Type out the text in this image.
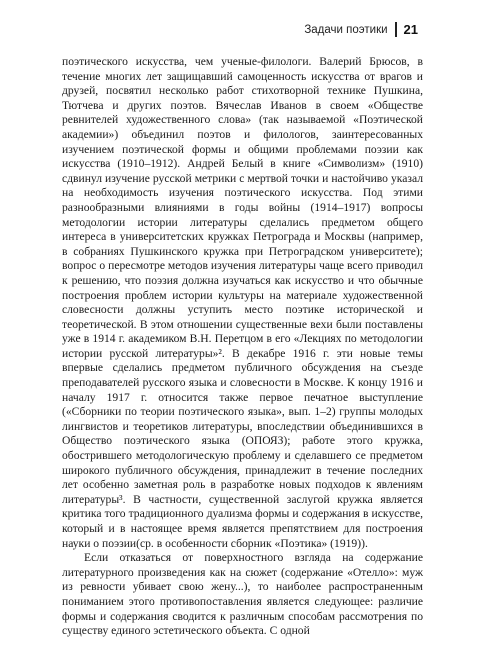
Задачи поэтики 21

поэтического искусства, чем ученые-филологи. Валерий Брюсов, в течение многих лет защищавший самоценность искусства от врагов и друзей, посвятил несколько работ стихотворной технике Пушкина, Тютчева и других поэтов. Вячеслав Иванов в своем «Обществе ревнителей художественного слова» (так называемой «Поэтической академии») объединил поэтов и филологов, заинтересованных изучением поэтической формы и общими проблемами поэзии как искусства (1910–1912). Андрей Белый в книге «Символизм» (1910) сдвинул изучение русской метрики с мертвой точки и настойчиво указал на необходимость изучения поэтического искусства. Под этими разнообразными влияниями в годы войны (1914–1917) вопросы методологии истории литературы сделались предметом общего интереса в университетских кружках Петрограда и Москвы (например, в собраниях Пушкинского кружка при Петроградском университете); вопрос о пересмотре методов изучения литературы чаще всего приводил к решению, что поэзия должна изучаться как искусство и что обычные построения проблем истории культуры на материале художественной словесности должны уступить место поэтике исторической и теоретической. В этом отношении существенные вехи были поставлены уже в 1914 г. академиком В.Н. Перетцом в его «Лекциях по методологии истории русской литературы»². В декабре 1916 г. эти новые темы впервые сделались предметом публичного обсуждения на съезде преподавателей русского языка и словесности в Москве. К концу 1916 и началу 1917 г. относится также первое печатное выступление («Сборники по теории поэтического языка», вып. 1–2) группы молодых лингвистов и теоретиков литературы, впоследствии объединившихся в Общество поэтического языка (ОПОЯЗ); работе этого кружка, обострившего методологическую проблему и сделавшего се предметом широкого публичного обсуждения, принадлежит в течение последних лет особенно заметная роль в разработке новых подходов к явлениям литературы³. В частности, существенной заслугой кружка является критика того традиционного дуализма формы и содержания в искусстве, который и в настоящее время является препятствием для построения науки о поэзии(ср. в особенности сборник «Поэтика» (1919)).

Если отказаться от поверхностного взгляда на содержание литературного произведения как на сюжет (содержание «Отелло»: муж из ревности убивает свою жену...), то наиболее распространенным пониманием этого противопоставления является следующее: различие формы и содержания сводится к различным способам рассмотрения по существу единого эстетического объекта. С одной
